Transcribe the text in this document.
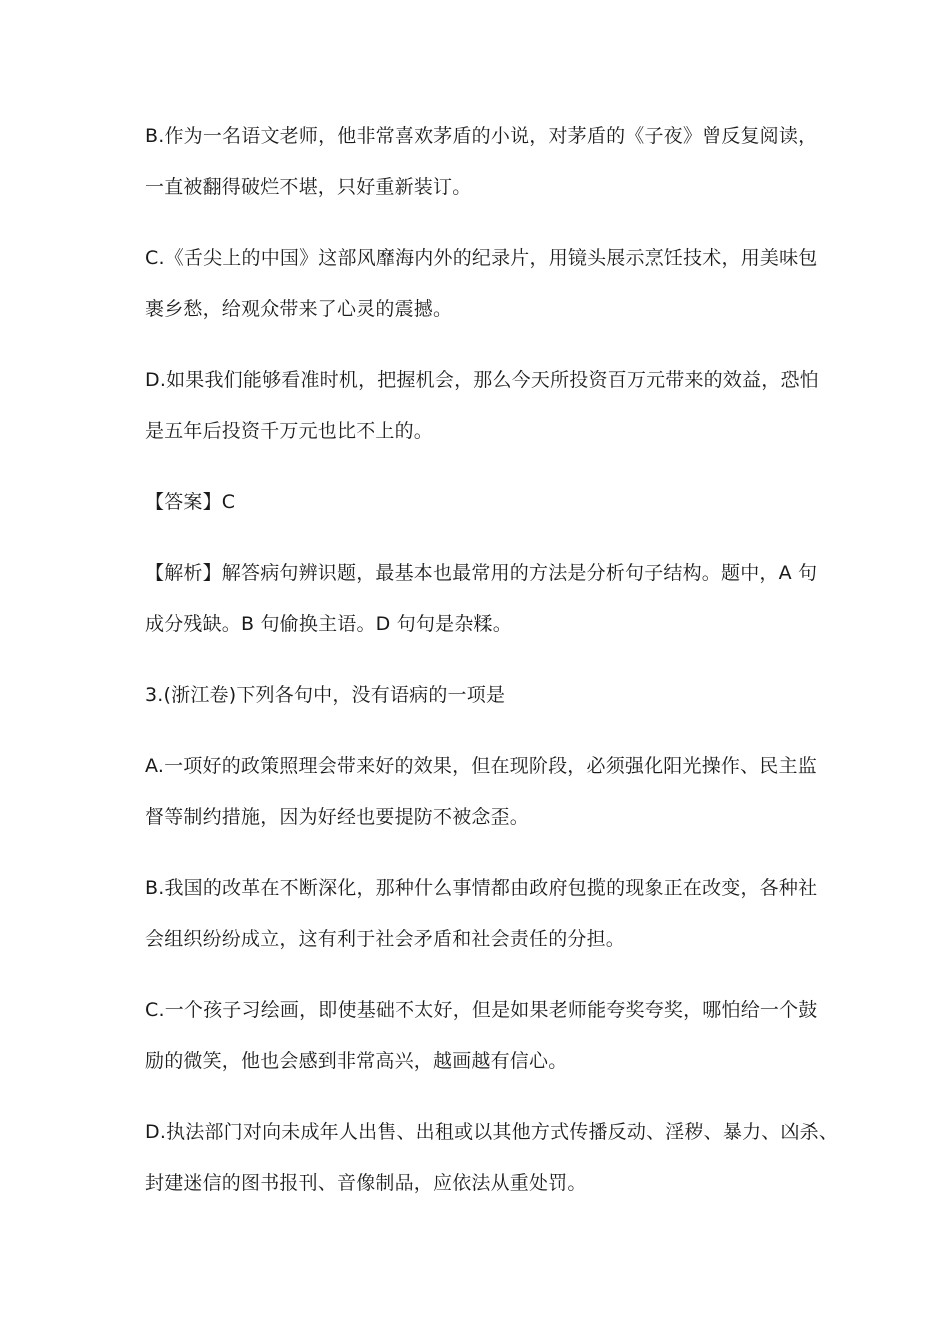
B.作为一名语文老师，他非常喜欢茅盾的小说，对茅盾的《子夜》曾反复阅读，
一直被翻得破烂不堪，只好重新装订。
C.《舌尖上的中国》这部风靡海内外的纪录片，用镜头展示烹饪技术，用美味包
裹乡愁，给观众带来了心灵的震撼。
D.如果我们能够看准时机，把握机会，那么今天所投资百万元带来的效益，恐怕
是五年后投资千万元也比不上的。
【答案】C
【解析】解答病句辨识题，最基本也最常用的方法是分析句子结构。题中，A 句
成分残缺。B 句偷换主语。D 句句是杂糅。
3.(浙江卷)下列各句中，没有语病的一项是
A.一项好的政策照理会带来好的效果，但在现阶段，必须强化阳光操作、民主监
督等制约措施，因为好经也要提防不被念歪。
B.我国的改革在不断深化，那种什么事情都由政府包揽的现象正在改变，各种社
会组织纷纷成立，这有利于社会矛盾和社会责任的分担。
C.一个孩子习绘画，即使基础不太好，但是如果老师能夸奖夸奖，哪怕给一个鼓
励的微笑，他也会感到非常高兴，越画越有信心。
D.执法部门对向未成年人出售、出租或以其他方式传播反动、淫秽、暴力、凶杀、
封建迷信的图书报刊、音像制品，应依法从重处罚。
